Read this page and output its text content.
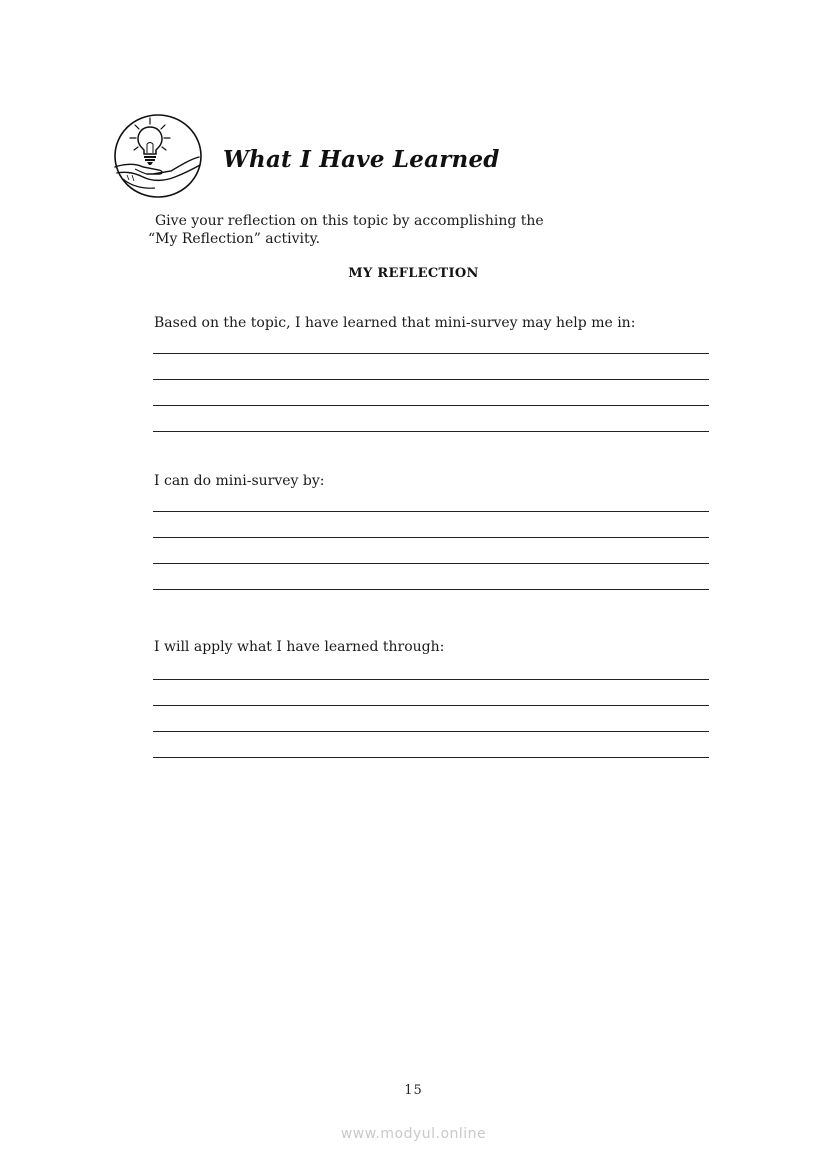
What I Have Learned

Give your reflection on this topic by accomplishing the
“My Reflection” activity.

MY REFLECTION

Based on the topic, I have learned that mini-survey may help me in:

I can do mini-survey by:

I will apply what I have learned through:

15
www.modyul.online
